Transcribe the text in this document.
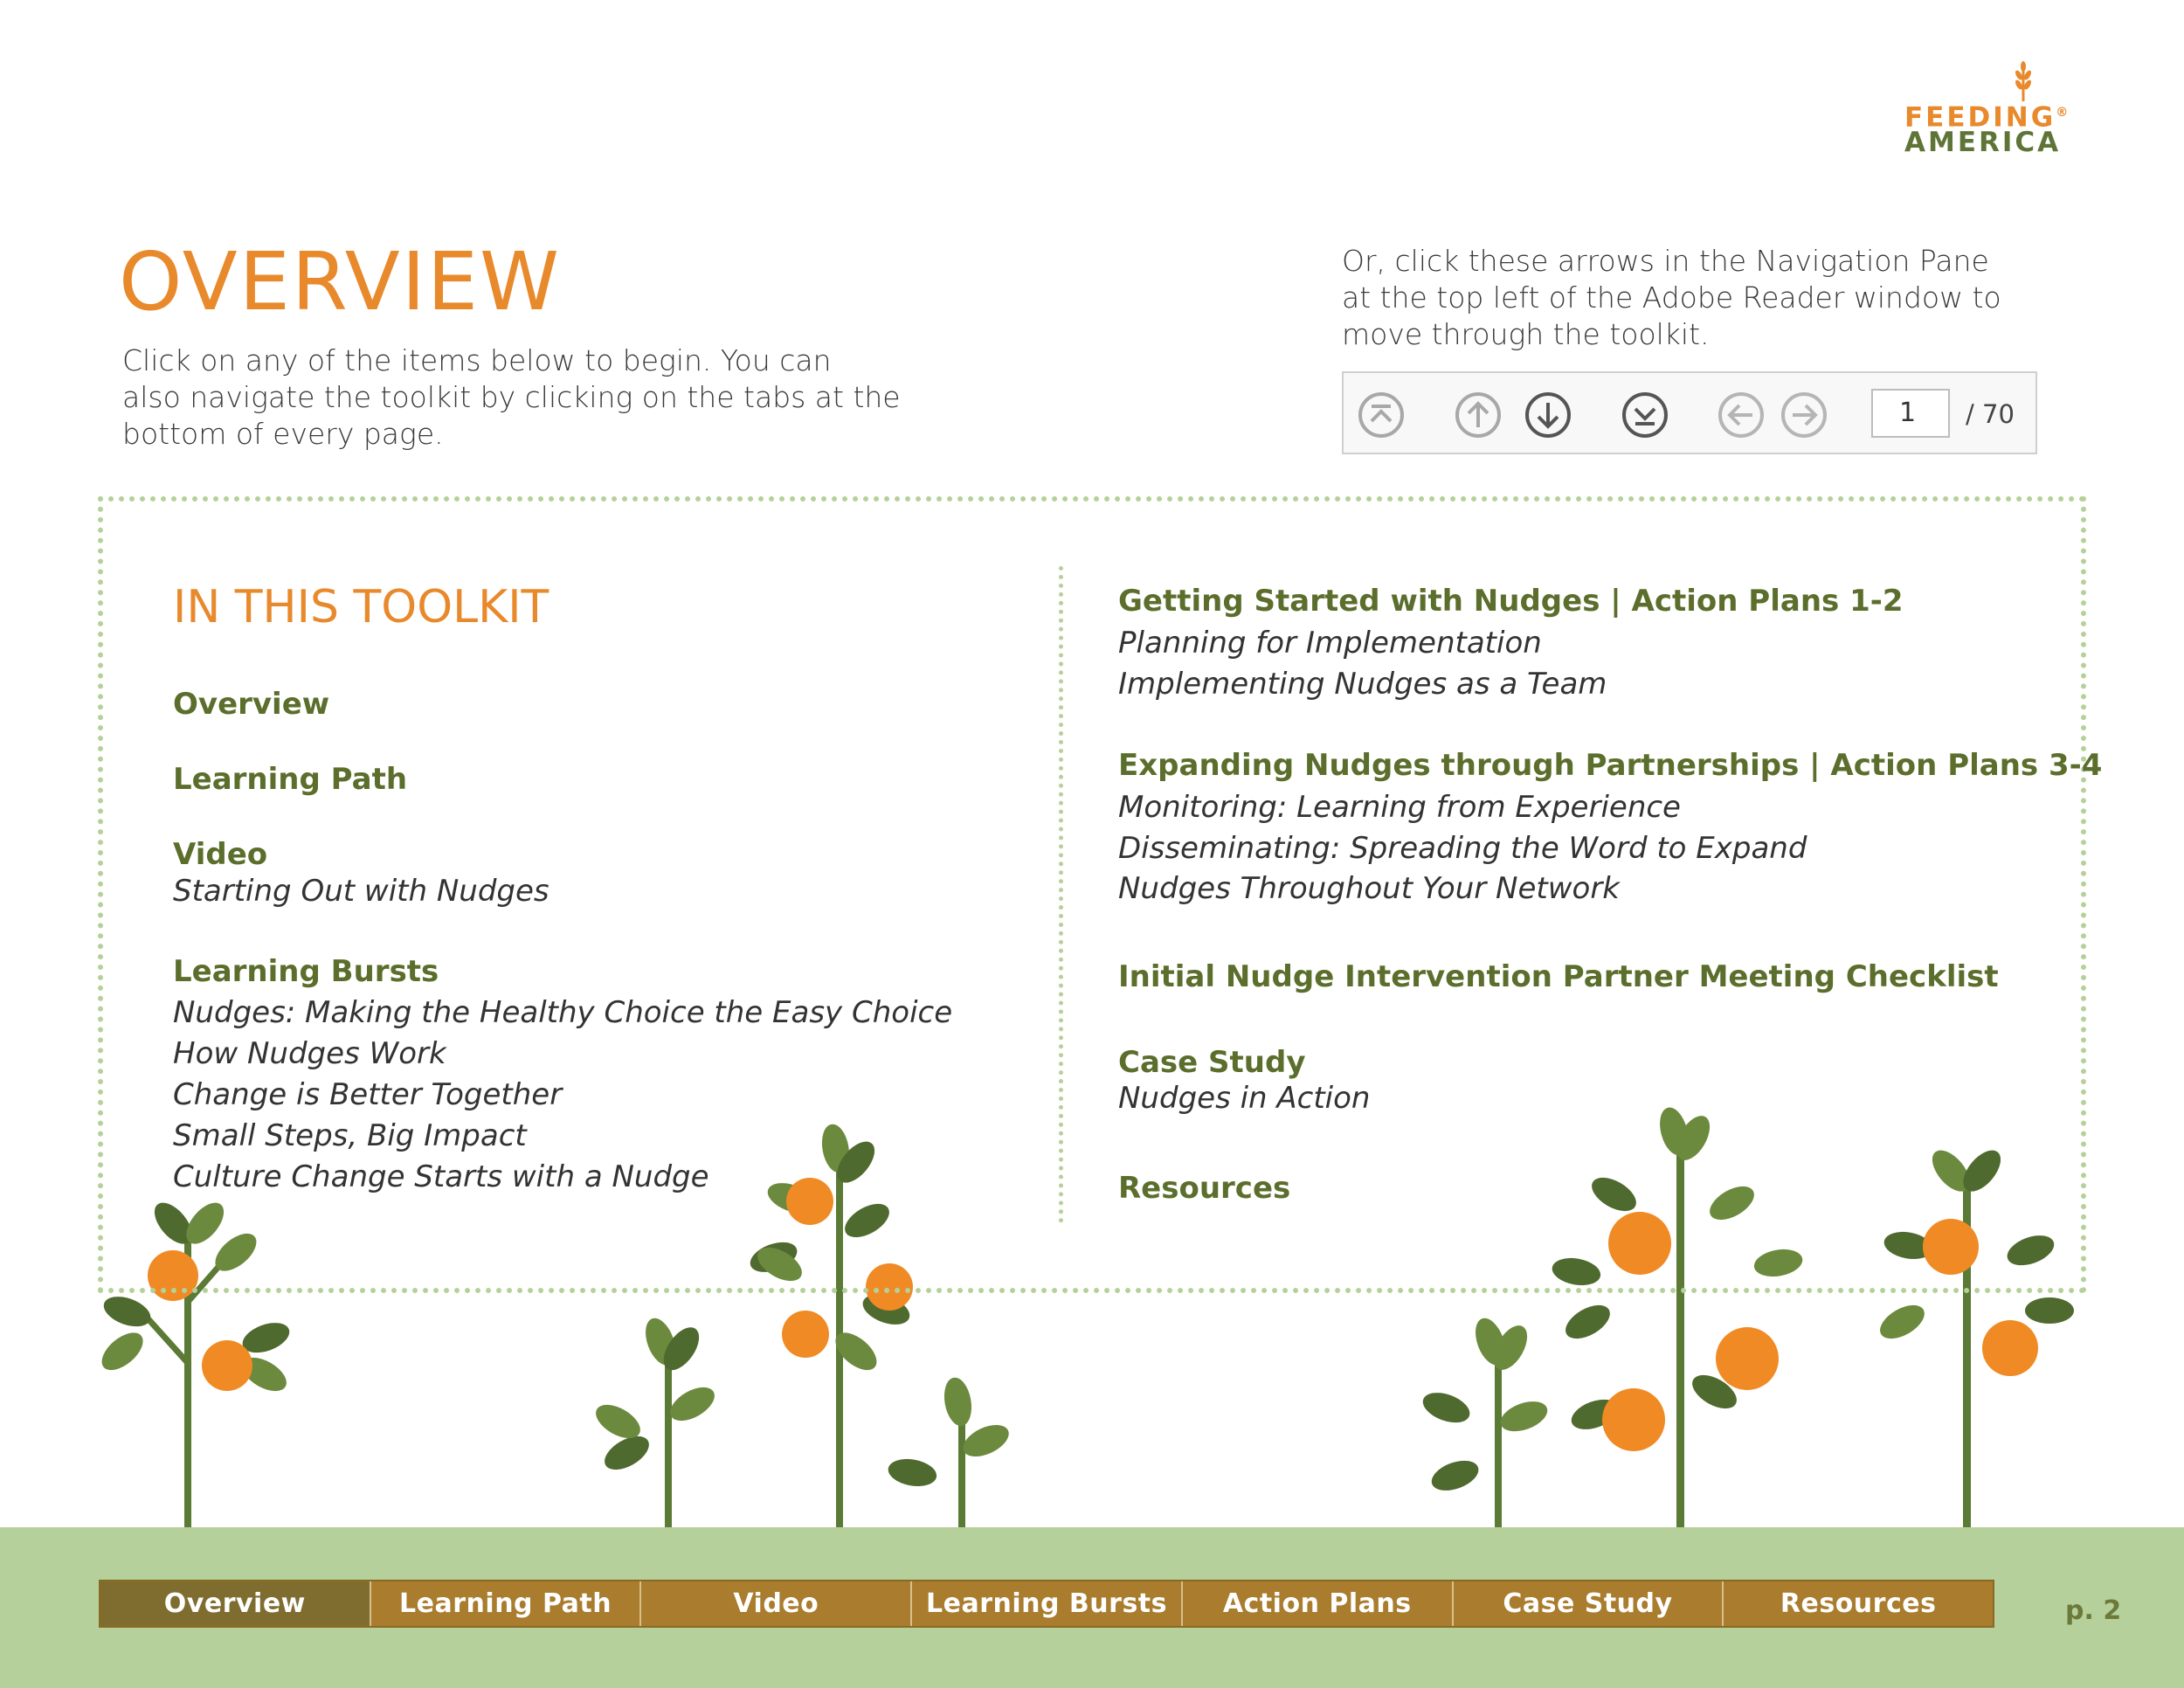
FEEDING®
AMERICA
OVERVIEW
Click on any of the items below to begin. You can
also navigate the toolkit by clicking on the tabs at the
bottom of every page.
Or, click these arrows in the Navigation Pane
at the top left of the Adobe Reader window to
move through the toolkit.
1	/ 70
IN THIS TOOLKIT
Overview
Learning Path
Video
Starting Out with Nudges
Learning Bursts
Nudges: Making the Healthy Choice the Easy Choice
How Nudges Work
Change is Better Together
Small Steps, Big Impact
Culture Change Starts with a Nudge
Getting Started with Nudges | Action Plans 1-2
Planning for Implementation
Implementing Nudges as a Team
Expanding Nudges through Partnerships | Action Plans 3-4
Monitoring: Learning from Experience
Disseminating: Spreading the Word to Expand
Nudges Throughout Your Network
Initial Nudge Intervention Partner Meeting Checklist
Case Study
Nudges in Action
Resources
Overview	Learning Path	Video	Learning Bursts	Action Plans	Case Study	Resources	p. 2
